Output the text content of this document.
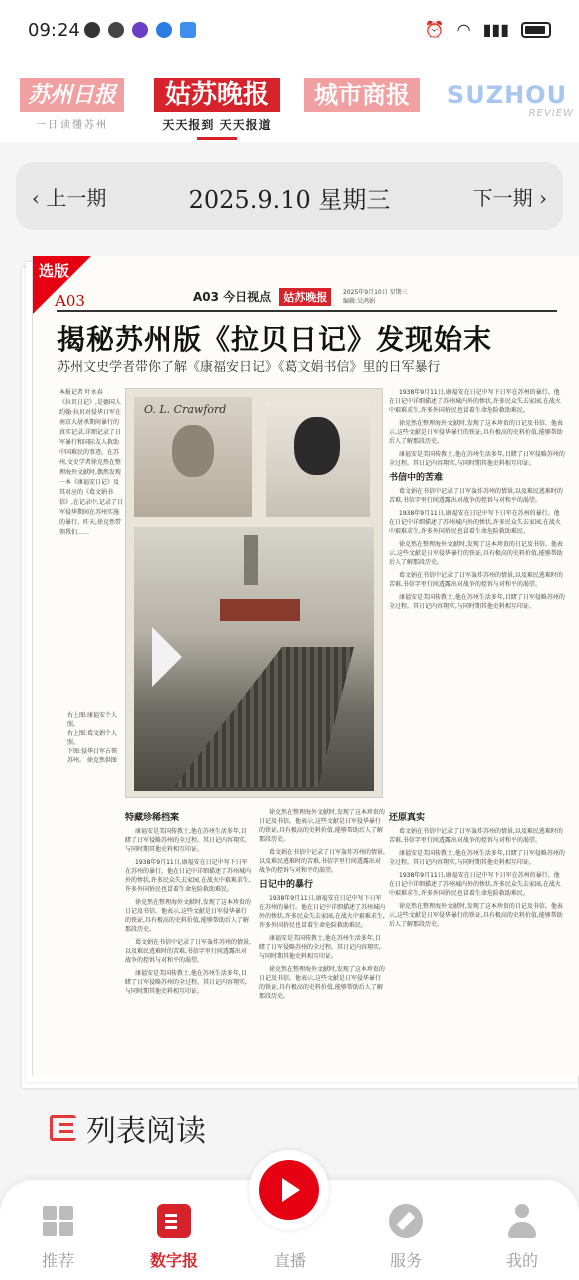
09:24	⏰ ◠ ▮▮▮
苏州日报
一日读懂苏州
姑苏晚报
天天报到 天天报道
城市商报	SUZHOU
REVIEW
‹ 上一期	2025.9.10 星期三	下一期 ›
选版
A03	A03 今日视点 姑苏晚报	2025年9月10日 星期三
编辑:吴鸿娟
揭秘苏州版《拉贝日记》发现始末
苏州文史学者带你了解《康福安日记》《葛文娟书信》里的日军暴行
本报记者 叶永春
《拉贝日记》,是德国人约翰·拉贝对侵华日军在南京大屠杀期间暴行的真实记录,详细记录了日军暴行和国际友人救助中国难民的事迹。在苏州,文史学者徐克然在整理海外文献时,偶然发现一本《康福安日记》及其对应的《葛文娟书信》,在记录中,记录了日军侵华期间在苏州实施的暴行。昨天,徐克然带领我们……
右上图:康福安个人照。
右上图:葛文娟个人照。
下图:侵华日军占领苏州。 徐克然供图
O. L. Crawford

1938年9月11日,康福安在日记中写下日军在苏州的暴行。他在日记中详细描述了苏州城内外的惨状,许多民众失去家园,在战火中艰难求生,许多外国侨民也冒着生命危险救助难民。

徐克然在整理海外文献时,发现了这本珍贵的日记及书信。他表示,这些文献是日军侵华暴行的铁证,具有极高的史料价值,能够帮助后人了解那段历史。

康福安是美国传教士,他在苏州生活多年,目睹了日军侵略苏州的全过程。其日记内容翔实,与同时期其他史料相互印证。

书信中的苦难

葛文娟在书信中记录了日军轰炸苏州的情景,以及难民逃难时的苦难,书信字里行间透露出对战争的控诉与对和平的渴望。

1938年9月11日,康福安在日记中写下日军在苏州的暴行。他在日记中详细描述了苏州城内外的惨状,许多民众失去家园,在战火中艰难求生,许多外国侨民也冒着生命危险救助难民。

徐克然在整理海外文献时,发现了这本珍贵的日记及书信。他表示,这些文献是日军侵华暴行的铁证,具有极高的史料价值,能够帮助后人了解那段历史。

葛文娟在书信中记录了日军轰炸苏州的情景,以及难民逃难时的苦难,书信字里行间透露出对战争的控诉与对和平的渴望。

康福安是美国传教士,他在苏州生活多年,目睹了日军侵略苏州的全过程。其日记内容翔实,与同时期其他史料相互印证。

特藏珍稀档案

康福安是美国传教士,他在苏州生活多年,目睹了日军侵略苏州的全过程。其日记内容翔实,与同时期其他史料相互印证。

1938年9月11日,康福安在日记中写下日军在苏州的暴行。他在日记中详细描述了苏州城内外的惨状,许多民众失去家园,在战火中艰难求生,许多外国侨民也冒着生命危险救助难民。

徐克然在整理海外文献时,发现了这本珍贵的日记及书信。他表示,这些文献是日军侵华暴行的铁证,具有极高的史料价值,能够帮助后人了解那段历史。

葛文娟在书信中记录了日军轰炸苏州的情景,以及难民逃难时的苦难,书信字里行间透露出对战争的控诉与对和平的渴望。

康福安是美国传教士,他在苏州生活多年,目睹了日军侵略苏州的全过程。其日记内容翔实,与同时期其他史料相互印证。

徐克然在整理海外文献时,发现了这本珍贵的日记及书信。他表示,这些文献是日军侵华暴行的铁证,具有极高的史料价值,能够帮助后人了解那段历史。

葛文娟在书信中记录了日军轰炸苏州的情景,以及难民逃难时的苦难,书信字里行间透露出对战争的控诉与对和平的渴望。

日记中的暴行

1938年9月11日,康福安在日记中写下日军在苏州的暴行。他在日记中详细描述了苏州城内外的惨状,许多民众失去家园,在战火中艰难求生,许多外国侨民也冒着生命危险救助难民。

康福安是美国传教士,他在苏州生活多年,目睹了日军侵略苏州的全过程。其日记内容翔实,与同时期其他史料相互印证。

徐克然在整理海外文献时,发现了这本珍贵的日记及书信。他表示,这些文献是日军侵华暴行的铁证,具有极高的史料价值,能够帮助后人了解那段历史。

还原真实

葛文娟在书信中记录了日军轰炸苏州的情景,以及难民逃难时的苦难,书信字里行间透露出对战争的控诉与对和平的渴望。

康福安是美国传教士,他在苏州生活多年,目睹了日军侵略苏州的全过程。其日记内容翔实,与同时期其他史料相互印证。

1938年9月11日,康福安在日记中写下日军在苏州的暴行。他在日记中详细描述了苏州城内外的惨状,许多民众失去家园,在战火中艰难求生,许多外国侨民也冒着生命危险救助难民。

徐克然在整理海外文献时,发现了这本珍贵的日记及书信。他表示,这些文献是日军侵华暴行的铁证,具有极高的史料价值,能够帮助后人了解那段历史。

列表阅读
推荐	数字报	直播	服务	我的
